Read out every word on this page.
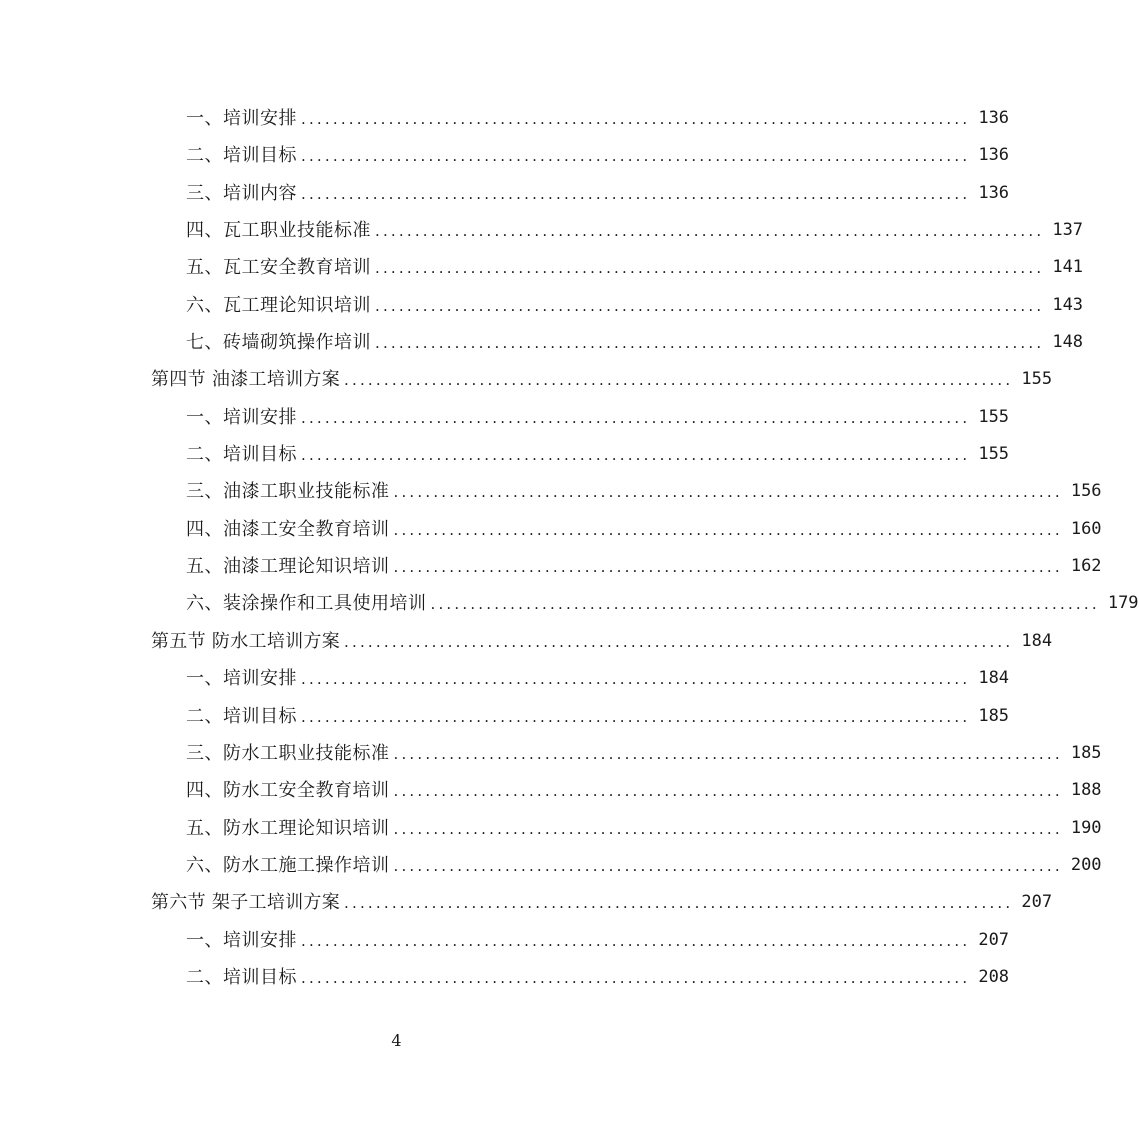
一、培训安排 .................................................................................... 136
二、培训目标 .................................................................................... 136
三、培训内容 .................................................................................... 136
四、瓦工职业技能标准 .................................................................................... 137
五、瓦工安全教育培训 .................................................................................... 141
六、瓦工理论知识培训 .................................................................................... 143
七、砖墙砌筑操作培训 .................................................................................... 148
第四节 油漆工培训方案 .................................................................................... 155
一、培训安排 .................................................................................... 155
二、培训目标 .................................................................................... 155
三、油漆工职业技能标准 .................................................................................... 156
四、油漆工安全教育培训 .................................................................................... 160
五、油漆工理论知识培训 .................................................................................... 162
六、装涂操作和工具使用培训 .................................................................................... 179
第五节 防水工培训方案 .................................................................................... 184
一、培训安排 .................................................................................... 184
二、培训目标 .................................................................................... 185
三、防水工职业技能标准 .................................................................................... 185
四、防水工安全教育培训 .................................................................................... 188
五、防水工理论知识培训 .................................................................................... 190
六、防水工施工操作培训 .................................................................................... 200
第六节 架子工培训方案 .................................................................................... 207
一、培训安排 .................................................................................... 207
二、培训目标 .................................................................................... 208
4
